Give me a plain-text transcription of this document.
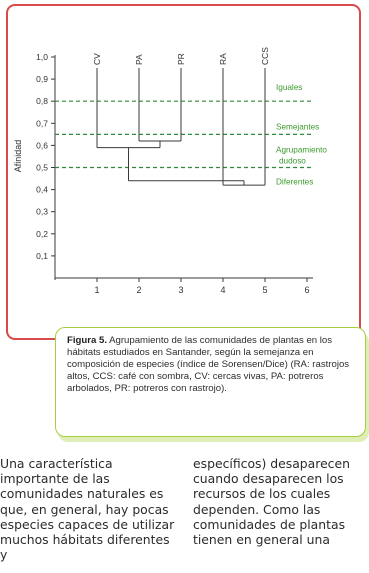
0,1
0,2
0,3
0,4
0,5
0,6
0,7
0,8
0,9
1,0
1	2	3	4	5	6
Afinidad
Iguales
Semejantes
Agrupamiento dudoso
Diferentes
CV	PA	PR	RA	CCS

Figura 5. Agrupamiento de las comunidades de plantas en los hábitats estudiados en Santander, según la semejanza en composición de especies (índice de Sorensen/Dice) (RA: rastrojos altos, CCS: café con sombra, CV: cercas vivas, PA: potreros arbolados, PR: potreros con rastrojo).

Una característica
importante de las
comunidades naturales es
que, en general, hay pocas
especies capaces de utilizar
muchos hábitats diferentes y
específicos) desaparecen
cuando desaparecen los
recursos de los cuales
dependen. Como las
comunidades de plantas
tienen en general una
